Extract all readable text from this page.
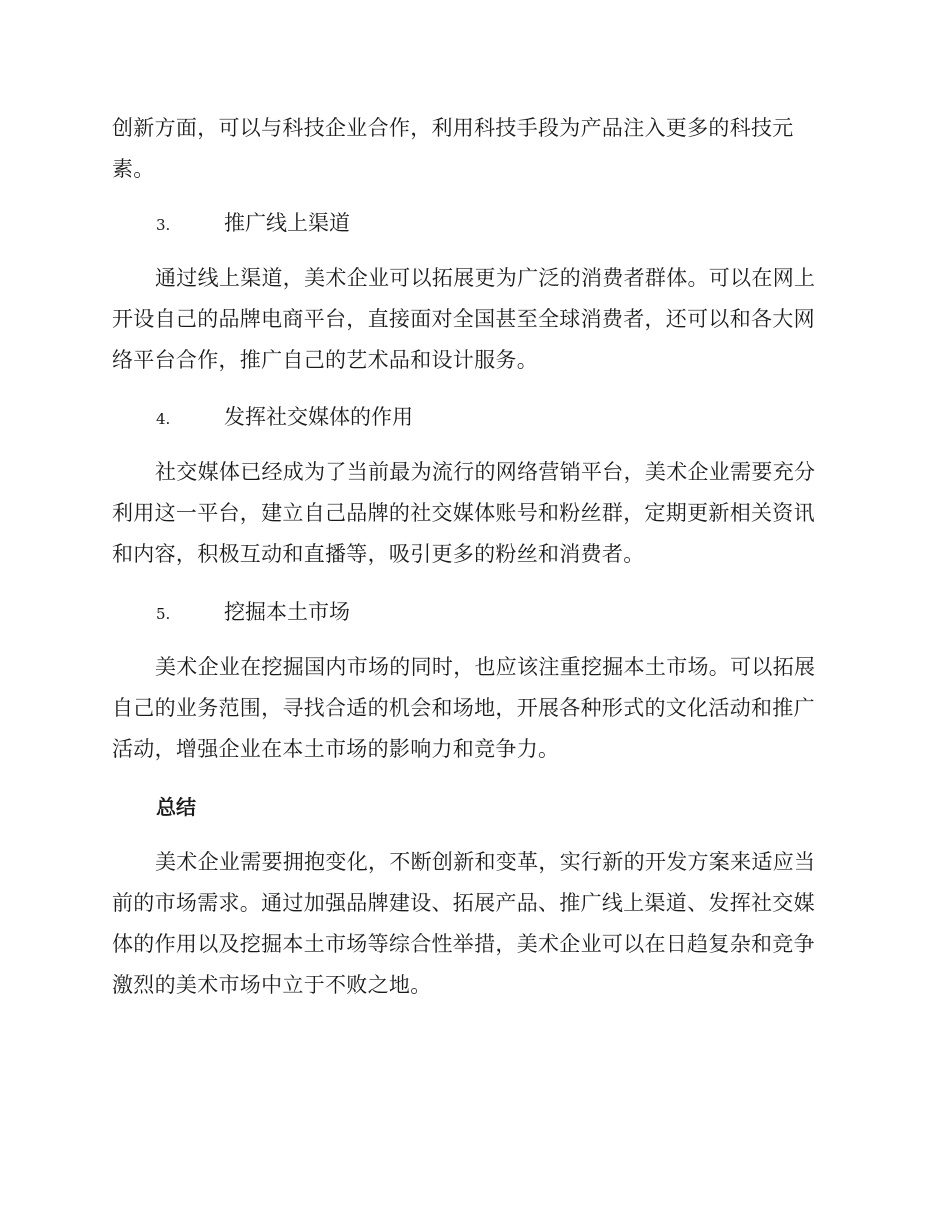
创新方面，可以与科技企业合作，利用科技手段为产品注入更多的科技元
素。

3.	推广线上渠道

通过线上渠道，美术企业可以拓展更为广泛的消费者群体。可以在网上
开设自己的品牌电商平台，直接面对全国甚至全球消费者，还可以和各大网
络平台合作，推广自己的艺术品和设计服务。

4.	发挥社交媒体的作用

社交媒体已经成为了当前最为流行的网络营销平台，美术企业需要充分
利用这一平台，建立自己品牌的社交媒体账号和粉丝群，定期更新相关资讯
和内容，积极互动和直播等，吸引更多的粉丝和消费者。

5.	挖掘本土市场

美术企业在挖掘国内市场的同时，也应该注重挖掘本土市场。可以拓展
自己的业务范围，寻找合适的机会和场地，开展各种形式的文化活动和推广
活动，增强企业在本土市场的影响力和竞争力。

总结

美术企业需要拥抱变化，不断创新和变革，实行新的开发方案来适应当
前的市场需求。通过加强品牌建设、拓展产品、推广线上渠道、发挥社交媒
体的作用以及挖掘本土市场等综合性举措，美术企业可以在日趋复杂和竞争
激烈的美术市场中立于不败之地。
